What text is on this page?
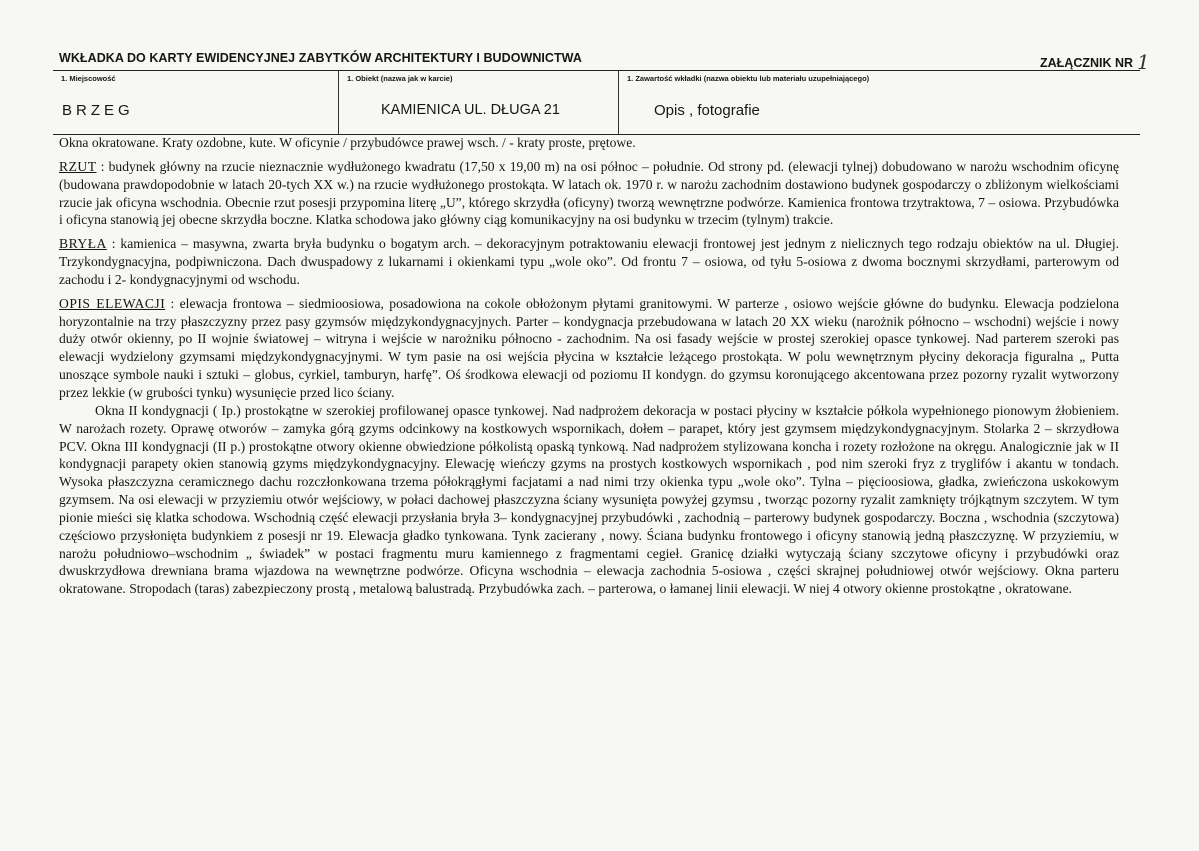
WKŁADKA DO KARTY EWIDENCYJNEJ ZABYTKÓW ARCHITEKTURY I BUDOWNICTWA	ZAŁĄCZNIK NR 1
1. Miejscowość
BRZEG
1. Obiekt (nazwa jak w karcie)
KAMIENICA UL. DŁUGA 21
1. Zawartość wkładki (nazwa obiektu lub materiału uzupełniającego)
Opis , fotografie

Okna okratowane. Kraty ozdobne, kute. W oficynie / przybudówce prawej wsch. / - kraty proste, prętowe.

RZUT : budynek główny na rzucie nieznacznie wydłużonego kwadratu (17,50 x 19,00 m) na osi północ – południe. Od strony pd. (elewacji tylnej) dobudowano w narożu wschodnim oficynę (budowana prawdopodobnie w latach 20-tych XX w.) na rzucie wydłużonego prostokąta. W latach ok. 1970 r. w narożu zachodnim dostawiono budynek gospodarczy o zbliżonym wielkościami rzucie jak oficyna wschodnia. Obecnie rzut posesji przypomina literę „U”, którego skrzydła (oficyny) tworzą wewnętrzne podwórze. Kamienica frontowa trzytraktowa, 7 – osiowa. Przybudówka i oficyna stanowią jej obecne skrzydła boczne. Klatka schodowa jako główny ciąg komunikacyjny na osi budynku w trzecim (tylnym) trakcie.

BRYŁA : kamienica – masywna, zwarta bryła budynku o bogatym arch. – dekoracyjnym potraktowaniu elewacji frontowej jest jednym z nielicznych tego rodzaju obiektów na ul. Długiej. Trzykondygnacyjna, podpiwniczona. Dach dwuspadowy z lukarnami i okienkami typu „wole oko”. Od frontu 7 – osiowa, od tyłu 5-osiowa z dwoma bocznymi skrzydłami, parterowym od zachodu i 2- kondygnacyjnymi od wschodu.

OPIS ELEWACJI : elewacja frontowa – siedmioosiowa, posadowiona na cokole obłożonym płytami granitowymi. W parterze , osiowo wejście główne do budynku. Elewacja podzielona horyzontalnie na trzy płaszczyzny przez pasy gzymsów międzykondygnacyjnych. Parter – kondygnacja przebudowana w latach 20 XX wieku (narożnik północno – wschodni) wejście i nowy duży otwór okienny, po II wojnie światowej – witryna i wejście w narożniku północno - zachodnim. Na osi fasady wejście w prostej szerokiej opasce tynkowej. Nad parterem szeroki pas elewacji wydzielony gzymsami międzykondygnacyjnymi. W tym pasie na osi wejścia płycina w kształcie leżącego prostokąta. W polu wewnętrznym płyciny dekoracja figuralna „ Putta unoszące symbole nauki i sztuki – globus, cyrkiel, tamburyn, harfę”. Oś środkowa elewacji od poziomu II kondygn. do gzymsu koronującego akcentowana przez pozorny ryzalit wytworzony przez lekkie (w grubości tynku) wysunięcie przed lico ściany.

Okna II kondygnacji ( Ip.) prostokątne w szerokiej profilowanej opasce tynkowej. Nad nadprożem dekoracja w postaci płyciny w kształcie półkola wypełnionego pionowym żłobieniem. W narożach rozety. Oprawę otworów – zamyka górą gzyms odcinkowy na kostkowych wspornikach, dołem – parapet, który jest gzymsem międzykondygnacyjnym. Stolarka 2 – skrzydłowa PCV. Okna III kondygnacji (II p.) prostokątne otwory okienne obwiedzione półkolistą opaską tynkową. Nad nadprożem stylizowana koncha i rozety rozłożone na okręgu. Analogicznie jak w II kondygnacji parapety okien stanowią gzyms międzykondygnacyjny. Elewację wieńczy gzyms na prostych kostkowych wspornikach , pod nim szeroki fryz z tryglifów i akantu w tondach. Wysoka płaszczyzna ceramicznego dachu rozczłonkowana trzema półokrągłymi facjatami a nad nimi trzy okienka typu „wole oko”. Tylna – pięcioosiowa, gładka, zwieńczona uskokowym gzymsem. Na osi elewacji w przyziemiu otwór wejściowy, w połaci dachowej płaszczyzna ściany wysunięta powyżej gzymsu , tworząc pozorny ryzalit zamknięty trójkątnym szczytem. W tym pionie mieści się klatka schodowa. Wschodnią część elewacji przysłania bryła 3– kondygnacyjnej przybudówki , zachodnią – parterowy budynek gospodarczy. Boczna , wschodnia (szczytowa) częściowo przysłonięta budynkiem z posesji nr 19. Elewacja gładko tynkowana. Tynk zacierany , nowy. Ściana budynku frontowego i oficyny stanowią jedną płaszczyznę. W przyziemiu, w narożu południowo–wschodnim „ świadek” w postaci fragmentu muru kamiennego z fragmentami cegieł. Granicę działki wytyczają ściany szczytowe oficyny i przybudówki oraz dwuskrzydłowa drewniana brama wjazdowa na wewnętrzne podwórze. Oficyna wschodnia – elewacja zachodnia 5-osiowa , części skrajnej południowej otwór wejściowy. Okna parteru okratowane. Stropodach (taras) zabezpieczony prostą , metalową balustradą. Przybudówka zach. – parterowa, o łamanej linii elewacji. W niej 4 otwory okienne prostokątne , okratowane.
